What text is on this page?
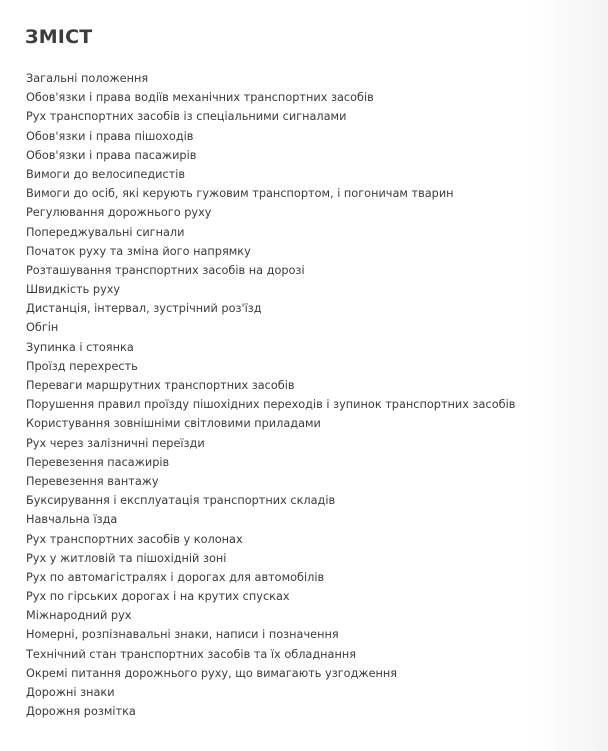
ЗМІСТ
Загальні положення
Обов'язки і права водіїв механічних транспортних засобів
Рух транспортних засобів із спеціальними сигналами
Обов'язки і права пішоходів
Обов'язки і права пасажирів
Вимоги до велосипедистів
Вимоги до осіб, які керують гужовим транспортом, і погоничам тварин
Регулювання дорожнього руху
Попереджувальні сигнали
Початок руху та зміна його напрямку
Розташування транспортних засобів на дорозі
Швидкість руху
Дистанція, інтервал, зустрічний роз'їзд
Обгін
Зупинка і стоянка
Проїзд перехресть
Переваги маршрутних транспортних засобів
Порушення правил проїзду пішохідних переходів і зупинок транспортних засобів
Користування зовнішніми світловими приладами
Рух через залізничні переїзди
Перевезення пасажирів
Перевезення вантажу
Буксирування і експлуатація транспортних складів
Навчальна їзда
Рух транспортних засобів у колонах
Рух у житловій та пішохідній зоні
Рух по автомагістралях і дорогах для автомобілів
Рух по гірських дорогах і на крутих спусках
Міжнародний рух
Номерні, розпізнавальні знаки, написи і позначення
Технічний стан транспортних засобів та їх обладнання
Окремі питання дорожнього руху, що вимагають узгодження
Дорожні знаки
Дорожня розмітка
